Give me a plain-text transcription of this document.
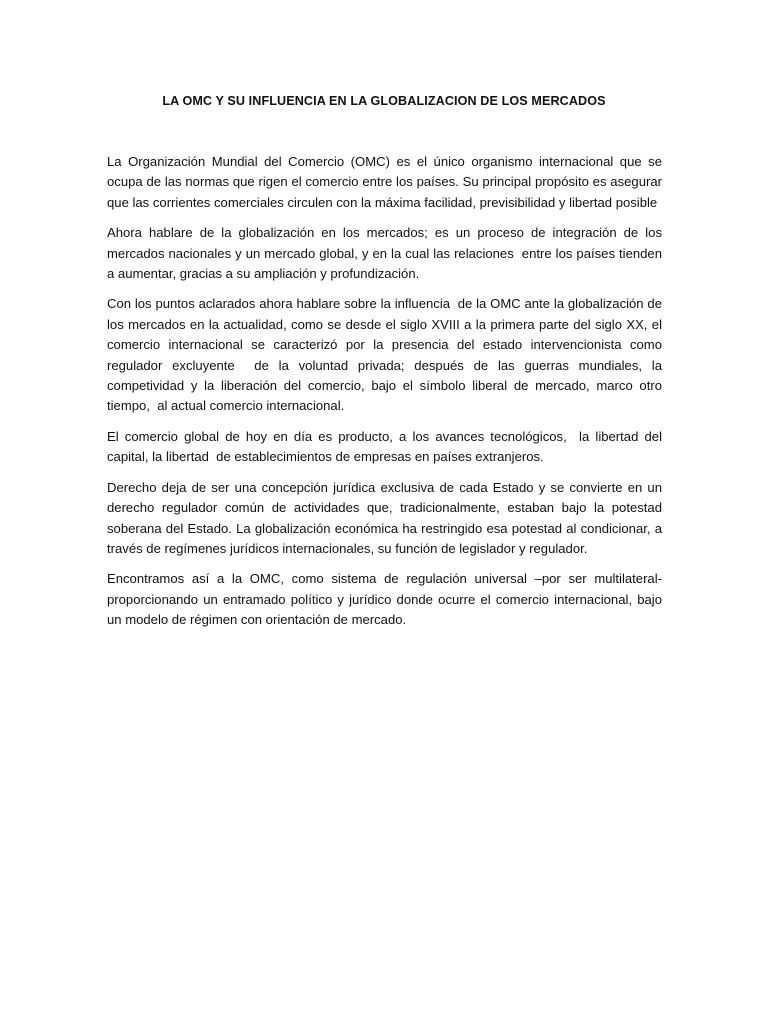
LA OMC Y SU INFLUENCIA EN LA GLOBALIZACION DE LOS MERCADOS

La Organización Mundial del Comercio (OMC) es el único organismo internacional que se ocupa de las normas que rigen el comercio entre los países. Su principal propósito es asegurar que las corrientes comerciales circulen con la máxima facilidad, previsibilidad y libertad posible

Ahora hablare de la globalización en los mercados; es un proceso de integración de los mercados nacionales y un mercado global, y en la cual las relaciones  entre los países tienden a aumentar, gracias a su ampliación y profundización.

Con los puntos aclarados ahora hablare sobre la influencia  de la OMC ante la globalización de los mercados en la actualidad, como se desde el siglo XVIII a la primera parte del siglo XX, el comercio internacional se caracterizó por la presencia del estado intervencionista como regulador excluyente  de la voluntad privada; después de las guerras mundiales, la competividad y la liberación del comercio, bajo el símbolo liberal de mercado, marco otro tiempo,  al actual comercio internacional.

El comercio global de hoy en día es producto, a los avances tecnológicos,  la libertad del capital, la libertad  de establecimientos de empresas en países extranjeros.

Derecho deja de ser una concepción jurídica exclusiva de cada Estado y se convierte en un derecho regulador común de actividades que, tradicionalmente, estaban bajo la potestad soberana del Estado. La globalización económica ha restringido esa potestad al condicionar, a través de regímenes jurídicos internacionales, su función de legislador y regulador.

Encontramos así a la OMC, como sistema de regulación universal –por ser multilateral- proporcionando un entramado político y jurídico donde ocurre el comercio internacional, bajo un modelo de régimen con orientación de mercado.
